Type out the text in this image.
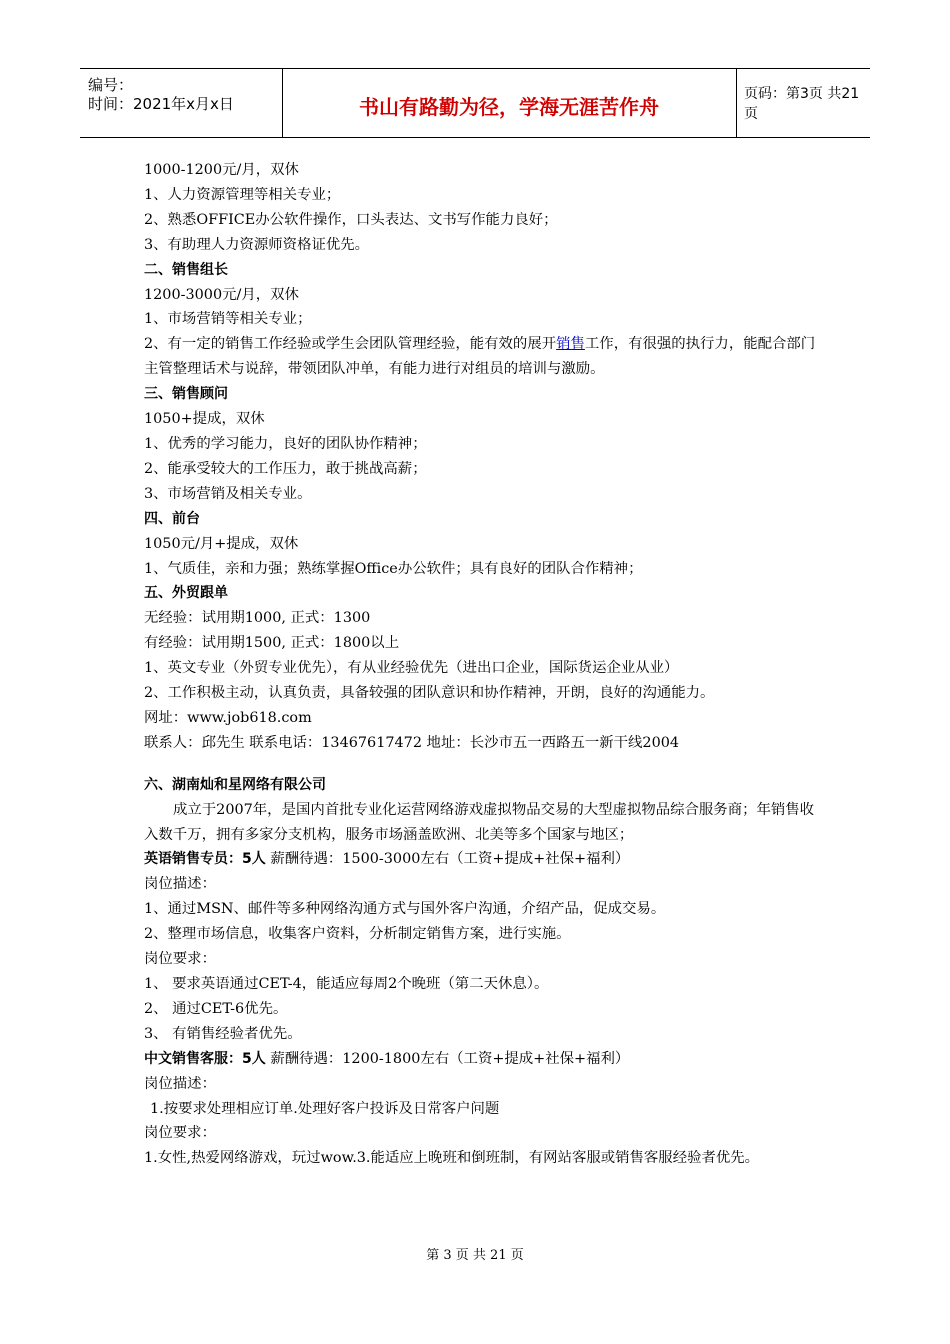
编号：
时间：2021年x月x日	书山有路勤为径，学海无涯苦作舟
页码：第3页 共21页
1000-1200元/月，双休
1、人力资源管理等相关专业；
2、熟悉OFFICE办公软件操作，口头表达、文书写作能力良好；
3、有助理人力资源师资格证优先。
二、销售组长
1200-3000元/月，双休
1、市场营销等相关专业；
2、有一定的销售工作经验或学生会团队管理经验，能有效的展开销售工作，有很强的执行力，能配合部门主管整理话术与说辞，带领团队冲单，有能力进行对组员的培训与激励。
三、销售顾问
1050+提成，双休
1、优秀的学习能力，良好的团队协作精神；
2、能承受较大的工作压力，敢于挑战高薪；
3、市场营销及相关专业。
四、前台
1050元/月+提成，双休
1、气质佳，亲和力强；熟练掌握Office办公软件；具有良好的团队合作精神；
五、外贸跟单
无经验：试用期1000, 正式：1300
有经验：试用期1500, 正式：1800以上
1、英文专业（外贸专业优先），有从业经验优先（进出口企业，国际货运企业从业）
2、工作积极主动，认真负责，具备较强的团队意识和协作精神，开朗，良好的沟通能力。
网址：www.job618.com
联系人：邱先生 联系电话：13467617472 地址：长沙市五一西路五一新干线2004
六、湖南灿和星网络有限公司
成立于2007年，是国内首批专业化运营网络游戏虚拟物品交易的大型虚拟物品综合服务商；年销售收入数千万，拥有多家分支机构，服务市场涵盖欧洲、北美等多个国家与地区；
英语销售专员：5人 薪酬待遇：1500-3000左右（工资+提成+社保+福利）
岗位描述：
1、通过MSN、邮件等多种网络沟通方式与国外客户沟通，介绍产品，促成交易。
2、整理市场信息，收集客户资料，分析制定销售方案，进行实施。
岗位要求：
1、 要求英语通过CET-4，能适应每周2个晚班（第二天休息）。
2、 通过CET-6优先。
3、 有销售经验者优先。
中文销售客服：5人 薪酬待遇：1200-1800左右（工资+提成+社保+福利）
岗位描述：
1.按要求处理相应订单.处理好客户投诉及日常客户问题
岗位要求：
1.女性,热爱网络游戏，玩过wow.3.能适应上晚班和倒班制，有网站客服或销售客服经验者优先。
第 3 页 共 21 页
